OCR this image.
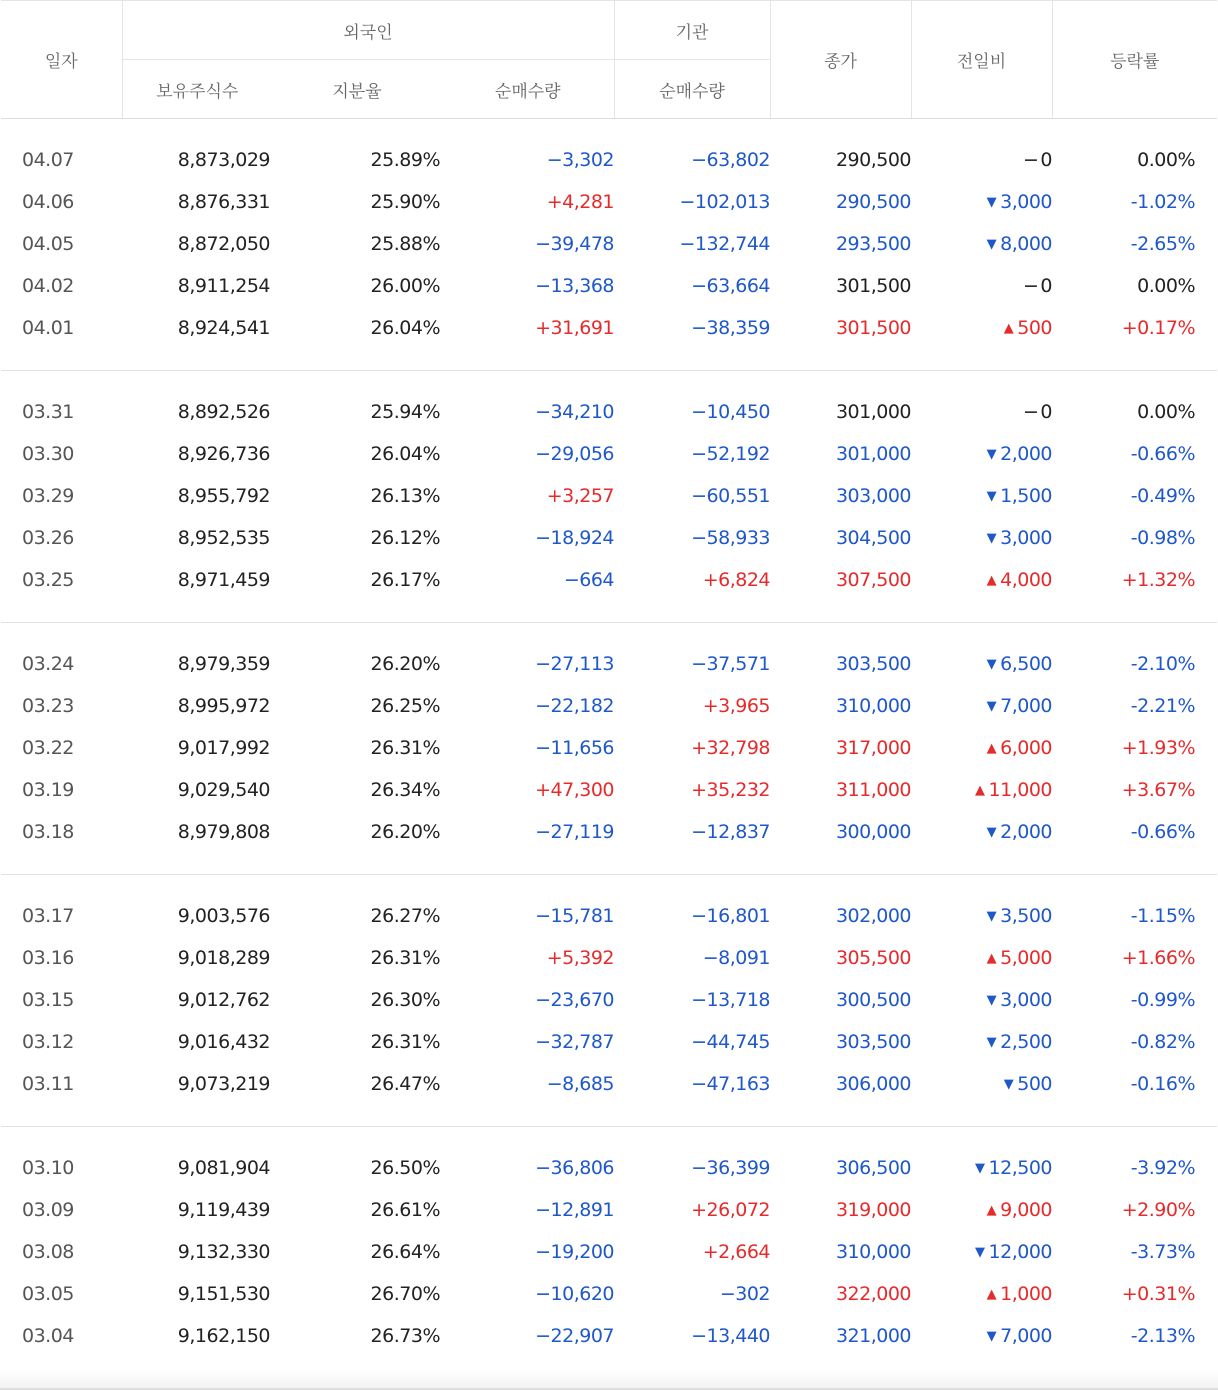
일자	외국인			기관	종가	전일비	등락률
	보유주식수	지분율	순매수량	순매수량			

04.07	8,873,029	25.89%	−3,302	−63,802	290,500	− 0	0.00%
04.06	8,876,331	25.90%	+4,281	−102,013	290,500	▼ 3,000	-1.02%
04.05	8,872,050	25.88%	−39,478	−132,744	293,500	▼ 8,000	-2.65%
04.02	8,911,254	26.00%	−13,368	−63,664	301,500	− 0	0.00%
04.01	8,924,541	26.04%	+31,691	−38,359	301,500	▲ 500	+0.17%

03.31	8,892,526	25.94%	−34,210	−10,450	301,000	− 0	0.00%
03.30	8,926,736	26.04%	−29,056	−52,192	301,000	▼ 2,000	-0.66%
03.29	8,955,792	26.13%	+3,257	−60,551	303,000	▼ 1,500	-0.49%
03.26	8,952,535	26.12%	−18,924	−58,933	304,500	▼ 3,000	-0.98%
03.25	8,971,459	26.17%	−664	+6,824	307,500	▲ 4,000	+1.32%

03.24	8,979,359	26.20%	−27,113	−37,571	303,500	▼ 6,500	-2.10%
03.23	8,995,972	26.25%	−22,182	+3,965	310,000	▼ 7,000	-2.21%
03.22	9,017,992	26.31%	−11,656	+32,798	317,000	▲ 6,000	+1.93%
03.19	9,029,540	26.34%	+47,300	+35,232	311,000	▲ 11,000	+3.67%
03.18	8,979,808	26.20%	−27,119	−12,837	300,000	▼ 2,000	-0.66%

03.17	9,003,576	26.27%	−15,781	−16,801	302,000	▼ 3,500	-1.15%
03.16	9,018,289	26.31%	+5,392	−8,091	305,500	▲ 5,000	+1.66%
03.15	9,012,762	26.30%	−23,670	−13,718	300,500	▼ 3,000	-0.99%
03.12	9,016,432	26.31%	−32,787	−44,745	303,500	▼ 2,500	-0.82%
03.11	9,073,219	26.47%	−8,685	−47,163	306,000	▼ 500	-0.16%

03.10	9,081,904	26.50%	−36,806	−36,399	306,500	▼ 12,500	-3.92%
03.09	9,119,439	26.61%	−12,891	+26,072	319,000	▲ 9,000	+2.90%
03.08	9,132,330	26.64%	−19,200	+2,664	310,000	▼ 12,000	-3.73%
03.05	9,151,530	26.70%	−10,620	−302	322,000	▲ 1,000	+0.31%
03.04	9,162,150	26.73%	−22,907	−13,440	321,000	▼ 7,000	-2.13%
